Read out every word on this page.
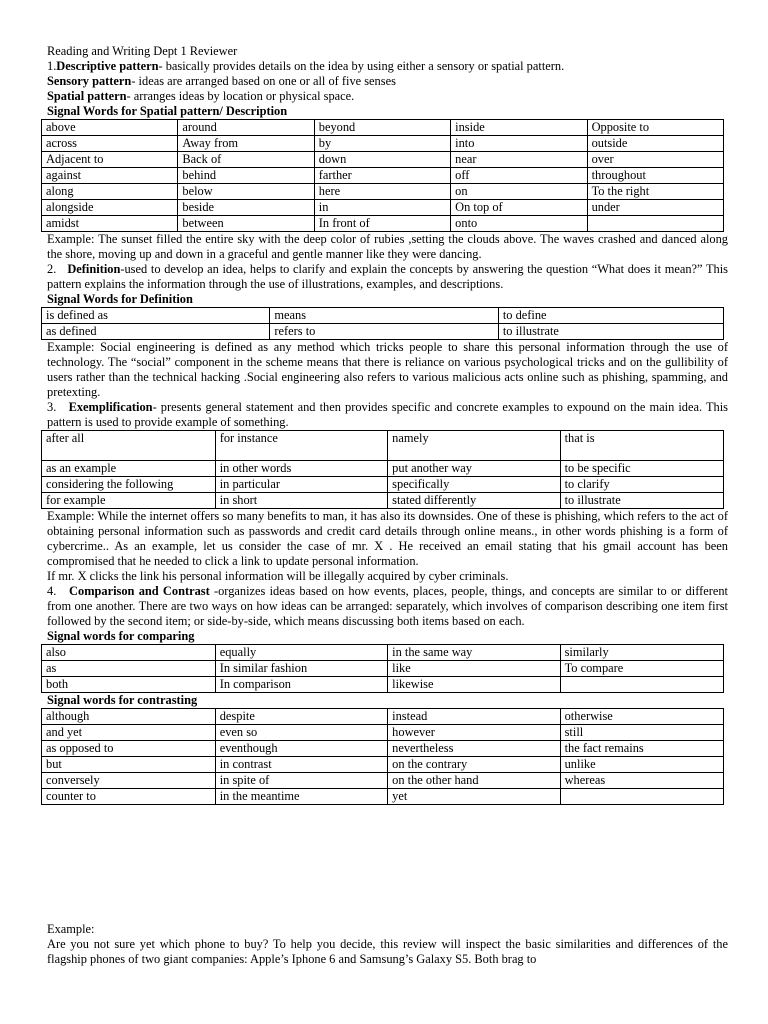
Reading and Writing Dept 1 Reviewer

1.Descriptive pattern- basically provides details on the idea by using either a sensory or spatial pattern.

Sensory pattern- ideas are arranged based on one or all of five senses

Spatial pattern- arranges ideas by location or physical space.

Signal Words for Spatial pattern/ Description

above	around	beyond	inside	Opposite to
across	Away from	by	into	outside
Adjacent to	Back of	down	near	over
against	behind	farther	off	throughout
along	below	here	on	To the right
alongside	beside	in	On top of	under
amidst	between	In front of	onto	

Example: The sunset filled the entire sky with the deep color of rubies ,setting the clouds above. The waves crashed and danced along the shore, moving up and down in a graceful and gentle manner like they were dancing.

2. Definition-used to develop an idea, helps to clarify and explain the concepts by answering the question “What does it mean?” This pattern explains the information through the use of illustrations, examples, and descriptions.

Signal Words for Definition

is defined as	means	to define
as defined	refers to	to illustrate

Example: Social engineering is defined as any method which tricks people to share this personal information through the use of technology. The “social” component in the scheme means that there is reliance on various psychological tricks and on the gullibility of users rather than the technical hacking .Social engineering also refers to various malicious acts online such as phishing, spamming, and pretexting.

3. Exemplification- presents general statement and then provides specific and concrete examples to expound on the main idea. This pattern is used to provide example of something.

after all	for instance	namely	that is
as an example	in other words	put another way	to be specific
considering the following	in particular	specifically	to clarify
for example	in short	stated differently	to illustrate

Example: While the internet offers so many benefits to man, it has also its downsides. One of these is phishing, which refers to the act of obtaining personal information such as passwords and credit card details through online means., in other words phishing is a form of cybercrime.. As an example, let us consider the case of mr. X . He received an email stating that his gmail account has been compromised that he needed to click a link to update personal information.

If mr. X clicks the link his personal information will be illegally acquired by cyber criminals.

4. Comparison and Contrast -organizes ideas based on how events, places, people, things, and concepts are similar to or different from one another. There are two ways on how ideas can be arranged: separately, which involves of comparison describing one item first followed by the second item; or side-by-side, which means discussing both items based on each.

Signal words for comparing

also	equally	in the same way	similarly
as	In similar fashion	like	To compare
both	In comparison	likewise	

Signal words for contrasting

although	despite	instead	otherwise
and yet	even so	however	still
as opposed to	eventhough	nevertheless	the fact remains
but	in contrast	on the contrary	unlike
conversely	in spite of	on the other hand	whereas
counter to	in the meantime	yet	

Example:

Are you not sure yet which phone to buy? To help you decide, this review will inspect the basic similarities and differences of the flagship phones of two giant companies: Apple’s Iphone 6 and Samsung’s Galaxy S5. Both brag to
